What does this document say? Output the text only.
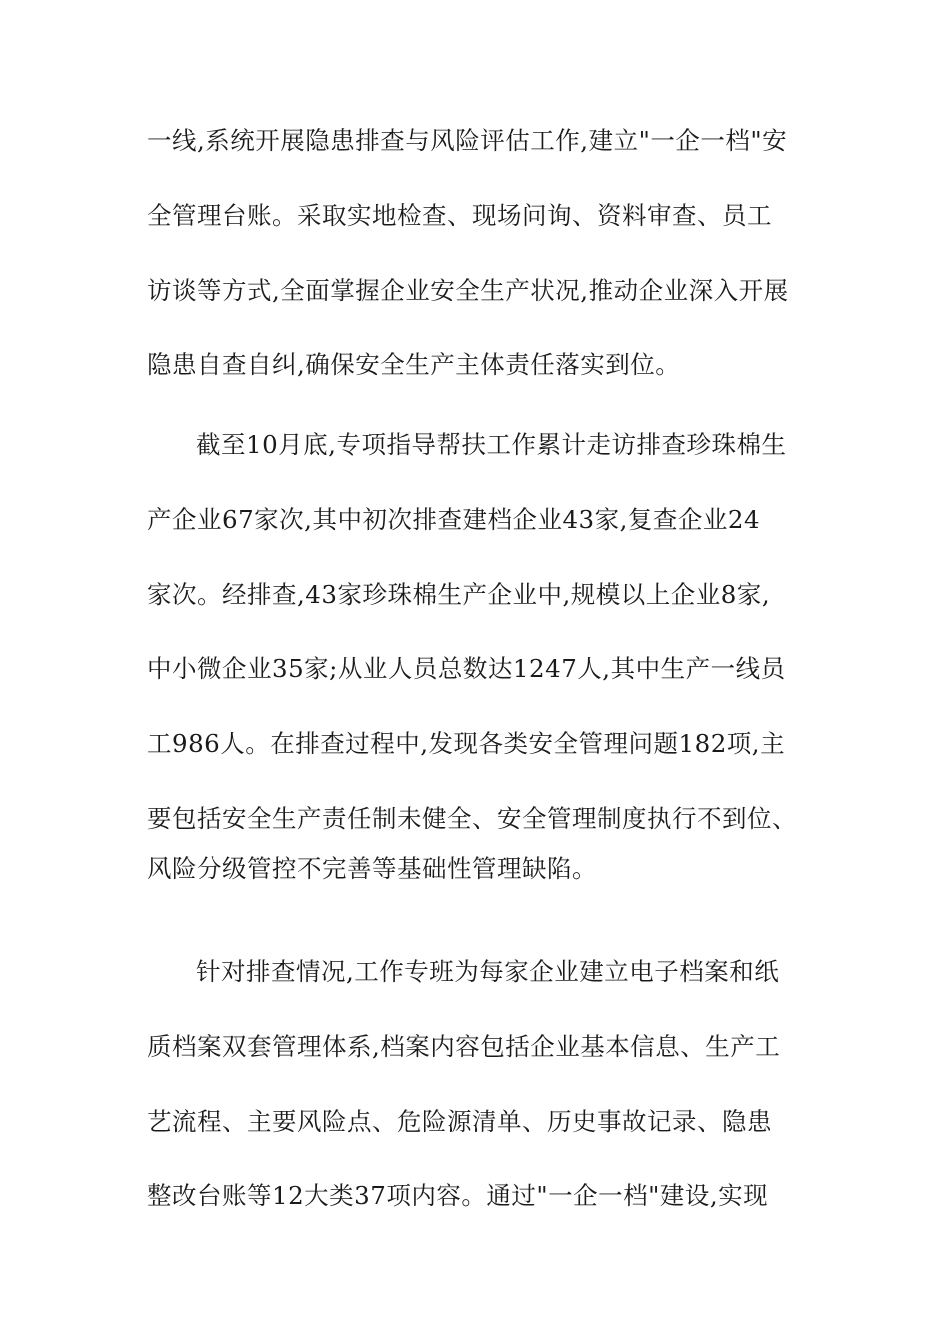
一线,系统开展隐患排查与风险评估工作,建立"一企一档"安
全管理台账。采取实地检查、现场问询、资料审查、员工
访谈等方式,全面掌握企业安全生产状况,推动企业深入开展
隐患自查自纠,确保安全生产主体责任落实到位。
截至10月底,专项指导帮扶工作累计走访排查珍珠棉生
产企业67家次,其中初次排查建档企业43家,复查企业24
家次。经排查,43家珍珠棉生产企业中,规模以上企业8家,
中小微企业35家;从业人员总数达1247人,其中生产一线员
工986人。在排查过程中,发现各类安全管理问题182项,主
要包括安全生产责任制未健全、安全管理制度执行不到位、
风险分级管控不完善等基础性管理缺陷。
针对排查情况,工作专班为每家企业建立电子档案和纸
质档案双套管理体系,档案内容包括企业基本信息、生产工
艺流程、主要风险点、危险源清单、历史事故记录、隐患
整改台账等12大类37项内容。通过"一企一档"建设,实现
